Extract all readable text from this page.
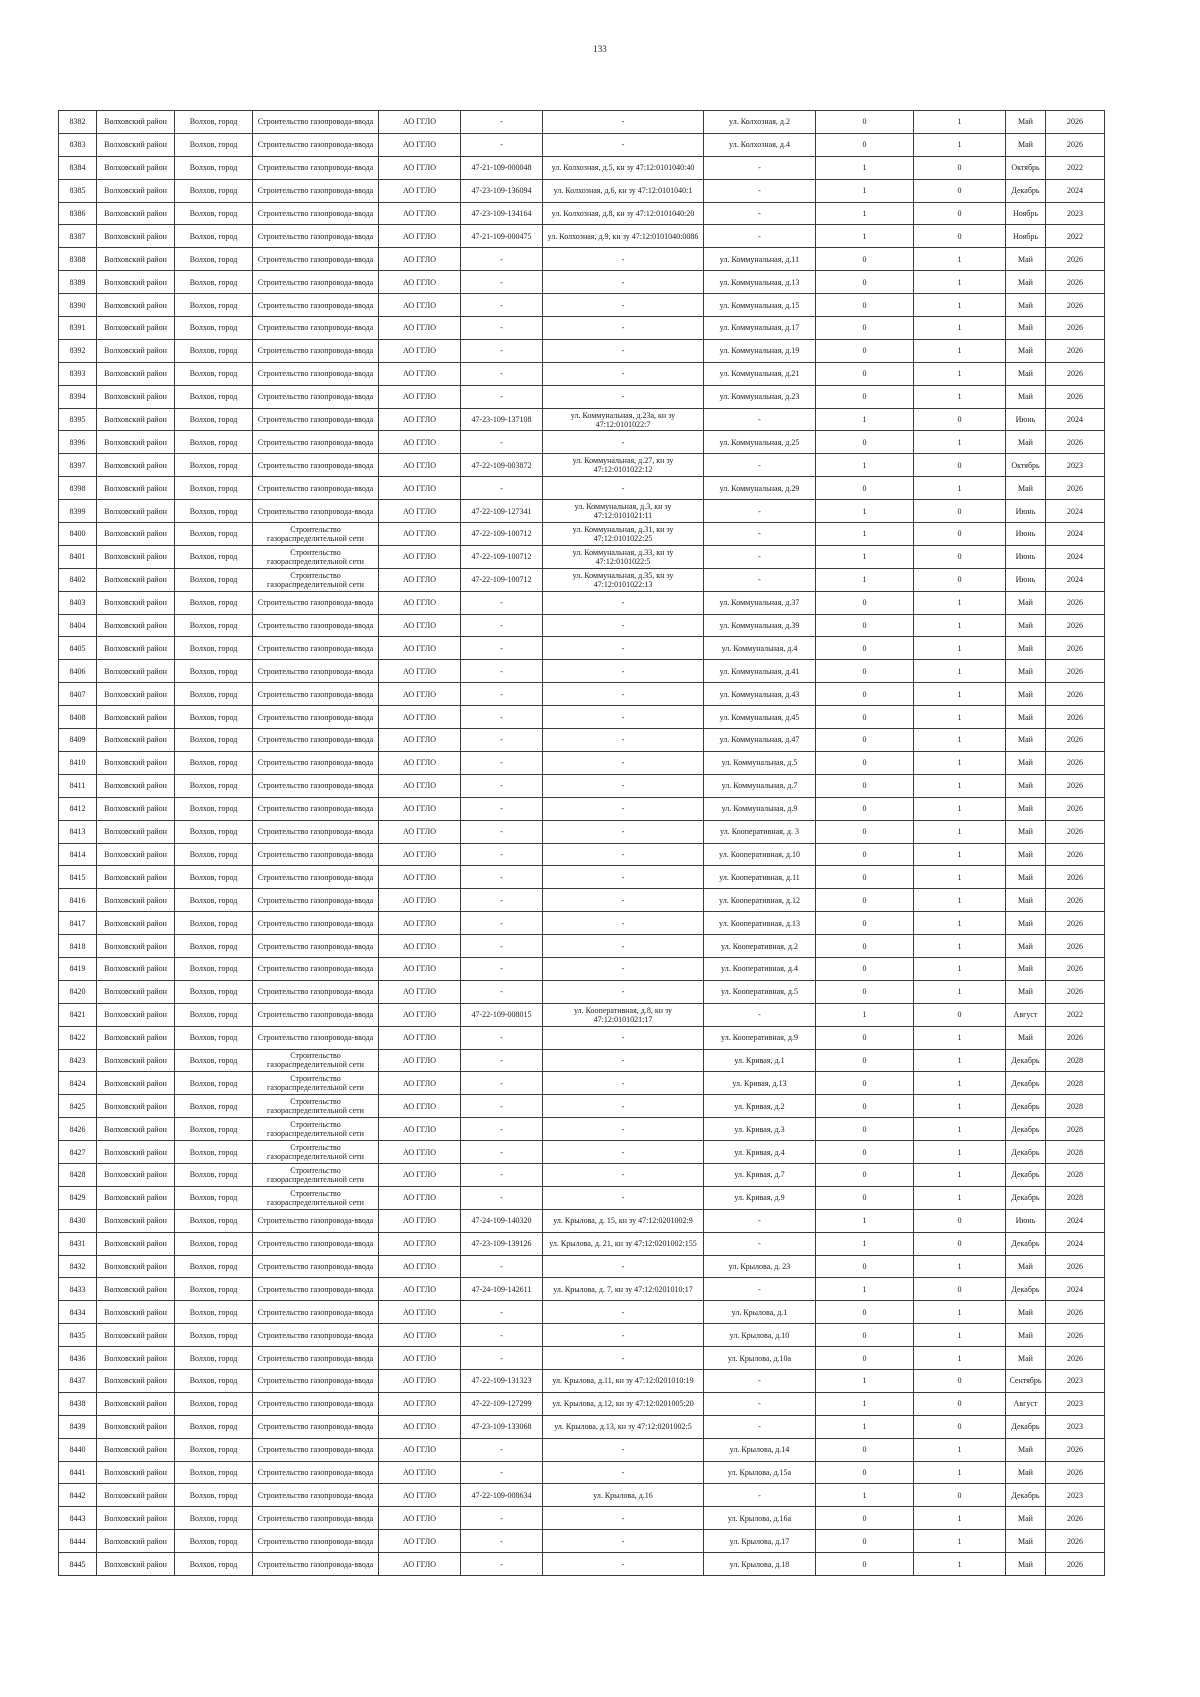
133
8382	Волховский район	Волхов, город	Строительство газопровода-ввода	АО ГГЛО	-	-	ул. Колхозная, д.2	0	1	Май	2026
8383	Волховский район	Волхов, город	Строительство газопровода-ввода	АО ГГЛО	-	-	ул. Колхозная, д.4	0	1	Май	2026
8384	Волховский район	Волхов, город	Строительство газопровода-ввода	АО ГГЛО	47-21-109-000048	ул. Колхозная, д.5, кн зу 47:12:0101040:40	-	1	0	Октябрь	2022
8385	Волховский район	Волхов, город	Строительство газопровода-ввода	АО ГГЛО	47-23-109-136094	ул. Колхозная, д.6, кн зу 47:12:0101040:1	-	1	0	Декабрь	2024
8386	Волховский район	Волхов, город	Строительство газопровода-ввода	АО ГГЛО	47-23-109-134164	ул. Колхозная, д.8, кн зу 47:12:0101040:20	-	1	0	Ноябрь	2023
8387	Волховский район	Волхов, город	Строительство газопровода-ввода	АО ГГЛО	47-21-109-000475	ул. Колхозная, д.9, кн зу 47:12:0101040:0086	-	1	0	Ноябрь	2022
8388	Волховский район	Волхов, город	Строительство газопровода-ввода	АО ГГЛО	-	-	ул. Коммунальная, д.11	0	1	Май	2026
8389	Волховский район	Волхов, город	Строительство газопровода-ввода	АО ГГЛО	-	-	ул. Коммунальная, д.13	0	1	Май	2026
8390	Волховский район	Волхов, город	Строительство газопровода-ввода	АО ГГЛО	-	-	ул. Коммунальная, д.15	0	1	Май	2026
8391	Волховский район	Волхов, город	Строительство газопровода-ввода	АО ГГЛО	-	-	ул. Коммунальная, д.17	0	1	Май	2026
8392	Волховский район	Волхов, город	Строительство газопровода-ввода	АО ГГЛО	-	-	ул. Коммунальная, д.19	0	1	Май	2026
8393	Волховский район	Волхов, город	Строительство газопровода-ввода	АО ГГЛО	-	-	ул. Коммунальная, д.21	0	1	Май	2026
8394	Волховский район	Волхов, город	Строительство газопровода-ввода	АО ГГЛО	-	-	ул. Коммунальная, д.23	0	1	Май	2026
8395	Волховский район	Волхов, город	Строительство газопровода-ввода	АО ГГЛО	47-23-109-137108	ул. Коммунальная, д.23а, кн зу 47:12:0101022:7	-	1	0	Июнь	2024
8396	Волховский район	Волхов, город	Строительство газопровода-ввода	АО ГГЛО	-	-	ул. Коммунальная, д.25	0	1	Май	2026
8397	Волховский район	Волхов, город	Строительство газопровода-ввода	АО ГГЛО	47-22-109-003872	ул. Коммунальная, д.27, кн зу 47:12:0101022:12	-	1	0	Октябрь	2023
8398	Волховский район	Волхов, город	Строительство газопровода-ввода	АО ГГЛО	-	-	ул. Коммунальная, д.29	0	1	Май	2026
8399	Волховский район	Волхов, город	Строительство газопровода-ввода	АО ГГЛО	47-22-109-127341	ул. Коммунальная, д.3, кн зу 47:12:0101021:11	-	1	0	Июнь	2024
8400	Волховский район	Волхов, город	Строительство газораспределительной сети	АО ГГЛО	47-22-109-100712	ул. Коммунальная, д.31, кн зу 47:12:0101022:25	-	1	0	Июнь	2024
8401	Волховский район	Волхов, город	Строительство газораспределительной сети	АО ГГЛО	47-22-109-100712	ул. Коммунальная, д.33, кн зу 47:12:0101022:5	-	1	0	Июнь	2024
8402	Волховский район	Волхов, город	Строительство газораспределительной сети	АО ГГЛО	47-22-109-100712	ул. Коммунальная, д.35, кн зу 47:12:0101022:13	-	1	0	Июнь	2024
8403	Волховский район	Волхов, город	Строительство газопровода-ввода	АО ГГЛО	-	-	ул. Коммунальная, д.37	0	1	Май	2026
8404	Волховский район	Волхов, город	Строительство газопровода-ввода	АО ГГЛО	-	-	ул. Коммунальная, д.39	0	1	Май	2026
8405	Волховский район	Волхов, город	Строительство газопровода-ввода	АО ГГЛО	-	-	ул. Коммунальная, д.4	0	1	Май	2026
8406	Волховский район	Волхов, город	Строительство газопровода-ввода	АО ГГЛО	-	-	ул. Коммунальная, д.41	0	1	Май	2026
8407	Волховский район	Волхов, город	Строительство газопровода-ввода	АО ГГЛО	-	-	ул. Коммунальная, д.43	0	1	Май	2026
8408	Волховский район	Волхов, город	Строительство газопровода-ввода	АО ГГЛО	-	-	ул. Коммунальная, д.45	0	1	Май	2026
8409	Волховский район	Волхов, город	Строительство газопровода-ввода	АО ГГЛО	-	-	ул. Коммунальная, д.47	0	1	Май	2026
8410	Волховский район	Волхов, город	Строительство газопровода-ввода	АО ГГЛО	-	-	ул. Коммунальная, д.5	0	1	Май	2026
8411	Волховский район	Волхов, город	Строительство газопровода-ввода	АО ГГЛО	-	-	ул. Коммунальная, д.7	0	1	Май	2026
8412	Волховский район	Волхов, город	Строительство газопровода-ввода	АО ГГЛО	-	-	ул. Коммунальная, д.9	0	1	Май	2026
8413	Волховский район	Волхов, город	Строительство газопровода-ввода	АО ГГЛО	-	-	ул. Кооперативная, д. 3	0	1	Май	2026
8414	Волховский район	Волхов, город	Строительство газопровода-ввода	АО ГГЛО	-	-	ул. Кооперативная, д.10	0	1	Май	2026
8415	Волховский район	Волхов, город	Строительство газопровода-ввода	АО ГГЛО	-	-	ул. Кооперативная, д.11	0	1	Май	2026
8416	Волховский район	Волхов, город	Строительство газопровода-ввода	АО ГГЛО	-	-	ул. Кооперативная, д.12	0	1	Май	2026
8417	Волховский район	Волхов, город	Строительство газопровода-ввода	АО ГГЛО	-	-	ул. Кооперативная, д.13	0	1	Май	2026
8418	Волховский район	Волхов, город	Строительство газопровода-ввода	АО ГГЛО	-	-	ул. Кооперативная, д.2	0	1	Май	2026
8419	Волховский район	Волхов, город	Строительство газопровода-ввода	АО ГГЛО	-	-	ул. Кооперативная, д.4	0	1	Май	2026
8420	Волховский район	Волхов, город	Строительство газопровода-ввода	АО ГГЛО	-	-	ул. Кооперативная, д.5	0	1	Май	2026
8421	Волховский район	Волхов, город	Строительство газопровода-ввода	АО ГГЛО	47-22-109-008015	ул. Кооперативная, д.8, кн зу 47:12:0101021:17	-	1	0	Август	2022
8422	Волховский район	Волхов, город	Строительство газопровода-ввода	АО ГГЛО	-	-	ул. Кооперативная, д.9	0	1	Май	2026
8423	Волховский район	Волхов, город	Строительство газораспределительной сети	АО ГГЛО	-	-	ул. Кривая, д.1	0	1	Декабрь	2028
8424	Волховский район	Волхов, город	Строительство газораспределительной сети	АО ГГЛО	-	-	ул. Кривая, д.13	0	1	Декабрь	2028
8425	Волховский район	Волхов, город	Строительство газораспределительной сети	АО ГГЛО	-	-	ул. Кривая, д.2	0	1	Декабрь	2028
8426	Волховский район	Волхов, город	Строительство газораспределительной сети	АО ГГЛО	-	-	ул. Кривая, д.3	0	1	Декабрь	2028
8427	Волховский район	Волхов, город	Строительство газораспределительной сети	АО ГГЛО	-	-	ул. Кривая, д.4	0	1	Декабрь	2028
8428	Волховский район	Волхов, город	Строительство газораспределительной сети	АО ГГЛО	-	-	ул. Кривая, д.7	0	1	Декабрь	2028
8429	Волховский район	Волхов, город	Строительство газораспределительной сети	АО ГГЛО	-	-	ул. Кривая, д.9	0	1	Декабрь	2028
8430	Волховский район	Волхов, город	Строительство газопровода-ввода	АО ГГЛО	47-24-109-140320	ул. Крылова, д. 15, кн зу 47:12:0201002:9	-	1	0	Июнь	2024
8431	Волховский район	Волхов, город	Строительство газопровода-ввода	АО ГГЛО	47-23-109-139126	ул. Крылова, д. 21, кн зу 47:12:0201002:155	-	1	0	Декабрь	2024
8432	Волховский район	Волхов, город	Строительство газопровода-ввода	АО ГГЛО	-	-	ул. Крылова, д. 23	0	1	Май	2026
8433	Волховский район	Волхов, город	Строительство газопровода-ввода	АО ГГЛО	47-24-109-142611	ул. Крылова, д. 7, кн зу 47:12:0201010:17	-	1	0	Декабрь	2024
8434	Волховский район	Волхов, город	Строительство газопровода-ввода	АО ГГЛО	-	-	ул. Крылова, д.1	0	1	Май	2026
8435	Волховский район	Волхов, город	Строительство газопровода-ввода	АО ГГЛО	-	-	ул. Крылова, д.10	0	1	Май	2026
8436	Волховский район	Волхов, город	Строительство газопровода-ввода	АО ГГЛО	-	-	ул. Крылова, д.10а	0	1	Май	2026
8437	Волховский район	Волхов, город	Строительство газопровода-ввода	АО ГГЛО	47-22-109-131323	ул. Крылова, д.11, кн зу 47:12:0201010:19	-	1	0	Сентябрь	2023
8438	Волховский район	Волхов, город	Строительство газопровода-ввода	АО ГГЛО	47-22-109-127299	ул. Крылова, д.12, кн зу 47:12:0201005:20	-	1	0	Август	2023
8439	Волховский район	Волхов, город	Строительство газопровода-ввода	АО ГГЛО	47-23-109-133068	ул. Крылова, д.13, кн зу 47:12:0201002:5	-	1	0	Декабрь	2023
8440	Волховский район	Волхов, город	Строительство газопровода-ввода	АО ГГЛО	-	-	ул. Крылова, д.14	0	1	Май	2026
8441	Волховский район	Волхов, город	Строительство газопровода-ввода	АО ГГЛО	-	-	ул. Крылова, д.15а	0	1	Май	2026
8442	Волховский район	Волхов, город	Строительство газопровода-ввода	АО ГГЛО	47-22-109-008634	ул. Крылова, д.16	-	1	0	Декабрь	2023
8443	Волховский район	Волхов, город	Строительство газопровода-ввода	АО ГГЛО	-	-	ул. Крылова, д.16а	0	1	Май	2026
8444	Волховский район	Волхов, город	Строительство газопровода-ввода	АО ГГЛО	-	-	ул. Крылова, д.17	0	1	Май	2026
8445	Волховский район	Волхов, город	Строительство газопровода-ввода	АО ГГЛО	-	-	ул. Крылова, д.18	0	1	Май	2026
